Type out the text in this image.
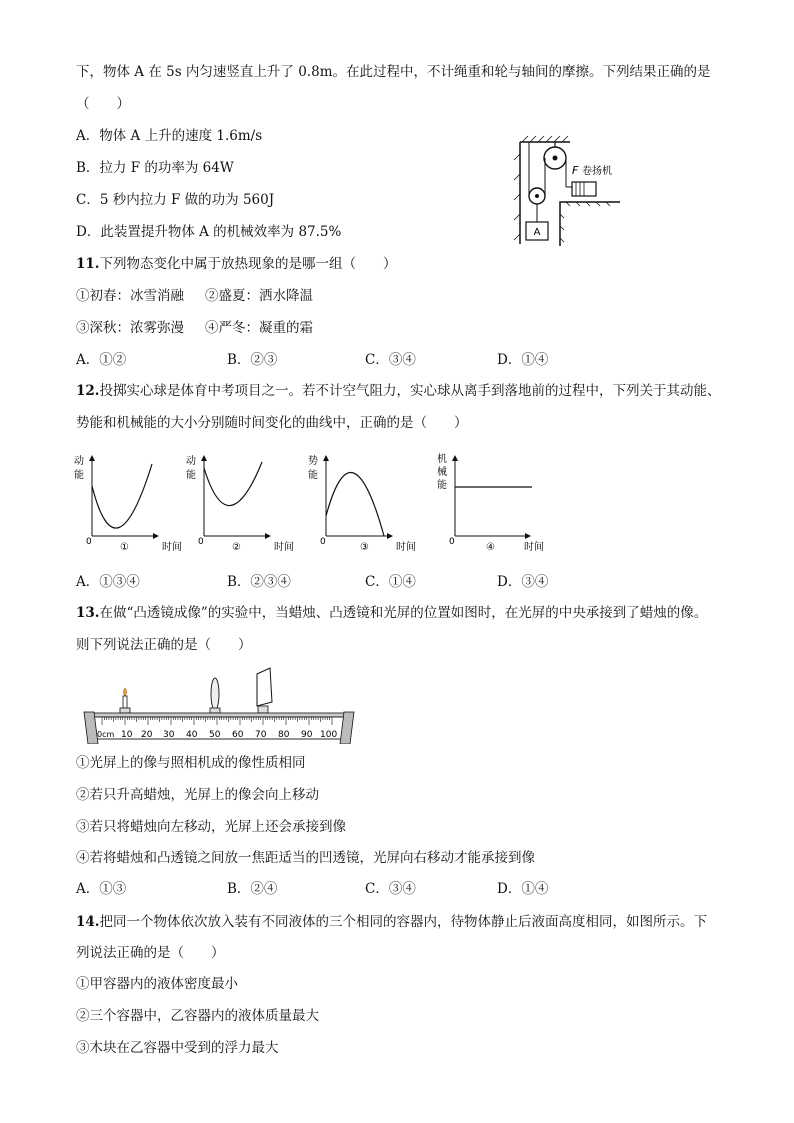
下，物体 A 在 5s 内匀速竖直上升了 0.8m。在此过程中，不计绳重和轮与轴间的摩擦。下列结果正确的是
（　　）
A．物体 A 上升的速度 1.6m/s
B．拉力 F 的功率为 64W
C．5 秒内拉力 F 做的功为 560J
D．此装置提升物体 A 的机械效率为 87.5%	A
F 卷扬机
11.下列物态变化中属于放热现象的是哪一组（　　）
①初春：冰雪消融 ②盛夏：洒水降温
③深秋：浓雾弥漫 ④严冬：凝重的霜
A．①②	B．②③	C．③④	D．①④
12.投掷实心球是体育中考项目之一。若不计空气阻力，实心球从离手到落地前的过程中，下列关于其动能、
势能和机械能的大小分别随时间变化的曲线中，正确的是（　　）
动
能
0	①	时间
动
能
0	②	时间
势
能
0	③	时间
机
械
能
0	④	时间
A．①③④	B．②③④	C．①④	D．③④
13.在做“凸透镜成像”的实验中，当蜡烛、凸透镜和光屏的位置如图时，在光屏的中央承接到了蜡烛的像。
则下列说法正确的是（　　）
0cm 10 20 30 40 50 60 70 80 90 100
①光屏上的像与照相机成的像性质相同
②若只升高蜡烛，光屏上的像会向上移动
③若只将蜡烛向左移动，光屏上还会承接到像
④若将蜡烛和凸透镜之间放一焦距适当的凹透镜，光屏向右移动才能承接到像
A．①③	B．②④	C．③④	D．①④
14.把同一个物体依次放入装有不同液体的三个相同的容器内，待物体静止后液面高度相同，如图所示。下
列说法正确的是（　　）
①甲容器内的液体密度最小
②三个容器中，乙容器内的液体质量最大
③木块在乙容器中受到的浮力最大
